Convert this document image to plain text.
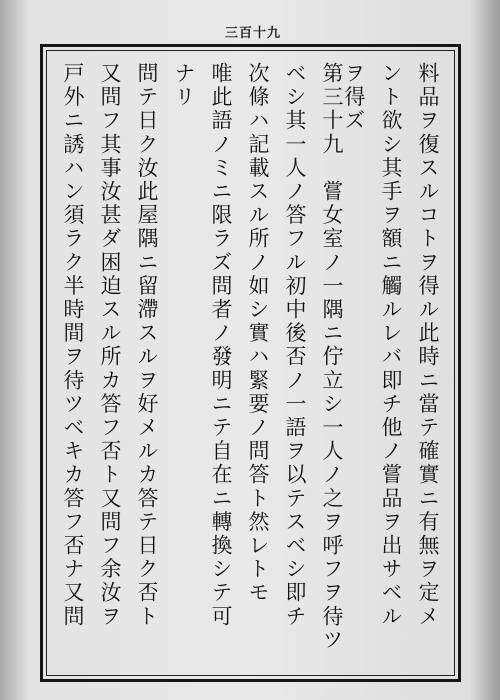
三百十九
料品ヲ復スルコトヲ得ル此時ニ當テ確實ニ有無ヲ定メ
ント欲シ其手ヲ額ニ觸ルレバ即チ他ノ嘗品ヲ出サベル
ヲ得ズ
第三十九　嘗女室ノ一隅ニ佇立シ一人ノ之ヲ呼フヲ待ツ
ベシ其一人ノ答フル初中後否ノ一語ヲ以テスベシ即チ
次條ハ記載スル所ノ如シ實ハ緊要ノ問答ト然レトモ
唯此語ノミニ限ラズ問者ノ發明ニテ自在ニ轉換シテ可
ナリ
問テ日ク汝此屋隅ニ留滯スルヲ好メルカ答テ日ク否ト
又問フ其事汝甚ダ困迫スル所カ答フ否ト又問フ余汝ヲ
戸外ニ誘ハン須ラク半時間ヲ待ツベキカ答フ否ナ又問
